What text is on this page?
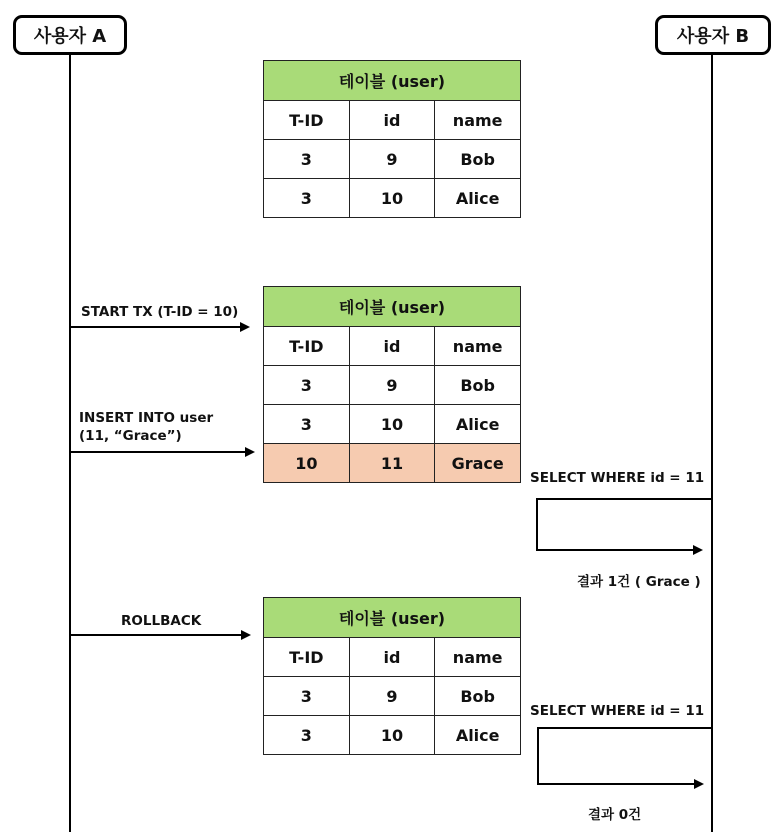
사용자 A	사용자 B
테이블 (user)		
T-ID	id	name
3	9	Bob
3	10	Alice
테이블 (user)		
T-ID	id	name
3	9	Bob
3	10	Alice
10	11	Grace
테이블 (user)		
T-ID	id	name
3	9	Bob
3	10	Alice
START TX (T-ID = 10)
INSERT INTO user
(11, “Grace”)
ROLLBACK
SELECT WHERE id = 11
결과 1건 ( Grace )
SELECT WHERE id = 11
결과 0건
